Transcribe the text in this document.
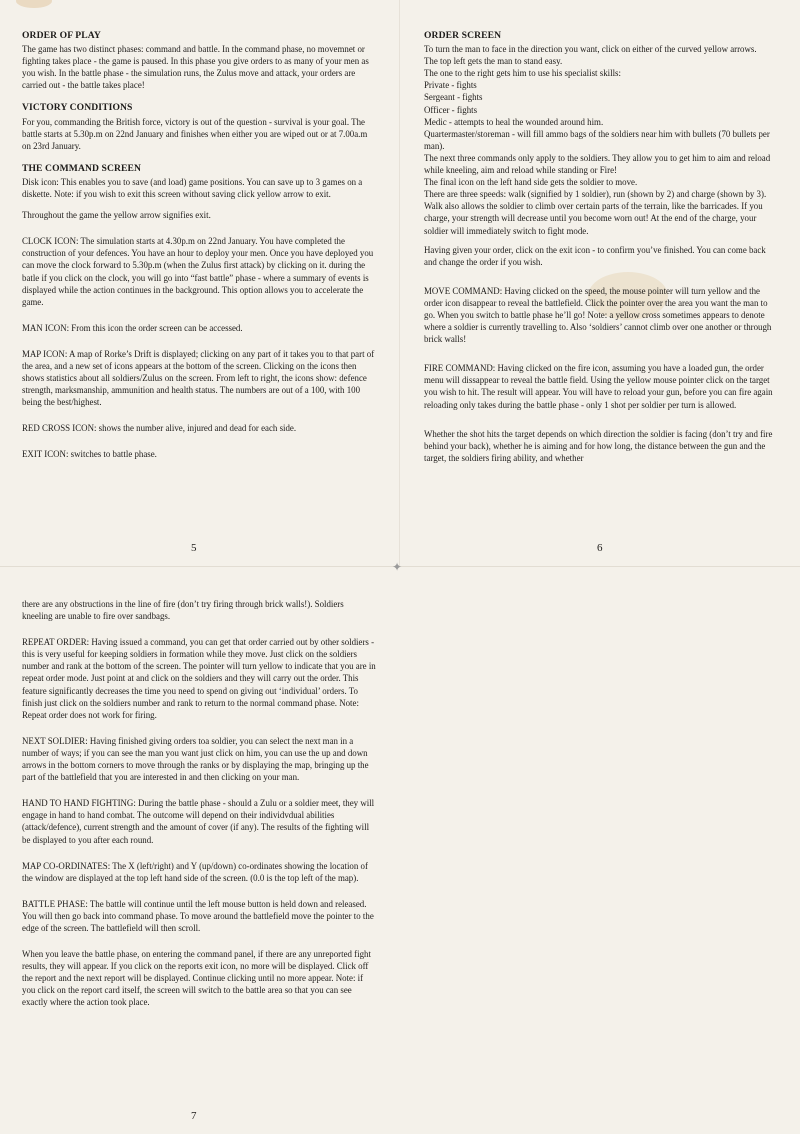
✦
ORDER OF PLAY

The game has two distinct phases: command and battle. In the command phase, no movemnet or fighting takes place - the game is paused. In this phase you give orders to as many of your men as you wish. In the battle phase - the simulation runs, the Zulus move and attack, your orders are carried out - the battle takes place!

VICTORY CONDITIONS

For you, commanding the British force, victory is out of the question - survival is your goal. The battle starts at 5.30p.m on 22nd January and finishes when either you are wiped out or at 7.00a.m on 23rd January.

THE COMMAND SCREEN

Disk icon: This enables you to save (and load) game positions. You can save up to 3 games on a diskette. Note: if you wish to exit this screen without saving click yellow arrow to exit.

Throughout the game the yellow arrow signifies exit.

CLOCK ICON: The simulation starts at 4.30p.m on 22nd January. You have completed the construction of your defences. You have an hour to deploy your men. Once you have deployed you can move the clock forward to 5.30p.m (when the Zulus first attack) by clicking on it. during the batle if you click on the clock, you will go into “fast battle” phase - where a summary of events is displayed while the action continues in the background. This option allows you to accelerate the game.

MAN ICON: From this icon the order screen can be accessed.

MAP ICON: A map of Rorke’s Drift is displayed; clicking on any part of it takes you to that part of the area, and a new set of icons appears at the bottom of the screen. Clicking on the icons then shows statistics about all soldiers/Zulus on the screen. From left to right, the icons show: defence strength, marksmanship, ammunition and health status. The numbers are out of a 100, with 100 being the best/highest.

RED CROSS ICON: shows the number alive, injured and dead for each side.

EXIT ICON: switches to battle phase.

5
ORDER SCREEN
To turn the man to face in the direction you want, click on either of the curved yellow arrows.
The top left gets the man to stand easy.
The one to the right gets him to use his specialist skills:
Private - fights
Sergeant - fights
Officer - fights
Medic - attempts to heal the wounded around him.
Quartermaster/storeman - will fill ammo bags of the soldiers near him with bullets (70 bullets per man).
The next three commands only apply to the soldiers. They allow you to get him to aim and reload while kneeling, aim and reload while standing or Fire!
The final icon on the left hand side gets the soldier to move.
There are three speeds: walk (signified by 1 soldier), run (shown by 2) and charge (shown by 3). Walk also allows the soldier to climb over certain parts of the terrain, like the barricades. If you charge, your strength will decrease until you become worn out! At the end of the charge, your soldier will immediately switch to fight mode.

Having given your order, click on the exit icon - to confirm you’ve finished. You can come back and change the order if you wish.

MOVE COMMAND: Having clicked on the speed, the mouse pointer will turn yellow and the order icon disappear to reveal the battlefield. Click the pointer over the area you want the man to go. When you switch to battle phase he’ll go! Note: a yellow cross sometimes appears to denote where a soldier is currently travelling to. Also ‘soldiers’ cannot climb over one another or through brick walls!

FIRE COMMAND: Having clicked on the fire icon, assuming you have a loaded gun, the order menu will dissappear to reveal the battle field. Using the yellow mouse pointer click on the target you wish to hit. The result will appear. You will have to reload your gun, before you can fire again reloading only takes during the battle phase - only 1 shot per soldier per turn is allowed.

Whether the shot hits the target depends on which direction the soldier is facing (don’t try and fire behind your back), whether he is aiming and for how long, the distance between the gun and the target, the soldiers firing ability, and whether

6

there are any obstructions in the line of fire (don’t try firing through brick walls!). Soldiers kneeling are unable to fire over sandbags.

REPEAT ORDER: Having issued a command, you can get that order carried out by other soldiers - this is very useful for keeping soldiers in formation while they move. Just click on the soldiers number and rank at the bottom of the screen. The pointer will turn yellow to indicate that you are in repeat order mode. Just point at and click on the soldiers and they will carry out the order. This feature significantly decreases the time you need to spend on giving out ‘individual’ orders. To finish just click on the soldiers number and rank to return to the normal command phase. Note: Repeat order does not work for firing.

NEXT SOLDIER: Having finished giving orders toa soldier, you can select the next man in a number of ways; if you can see the man you want just click on him, you can use the up and down arrows in the bottom corners to move through the ranks or by displaying the map, bringing up the part of the battlefield that you are interested in and then clicking on your man.

HAND TO HAND FIGHTING: During the battle phase - should a Zulu or a soldier meet, they will engage in hand to hand combat. The outcome will depend on their individvdual abilities (attack/defence), current strength and the amount of cover (if any). The results of the fighting will be displayed to you after each round.

MAP CO-ORDINATES: The X (left/right) and Y (up/down) co-ordinates showing the location of the window are displayed at the top left hand side of the screen. (0.0 is the top left of the map).

BATTLE PHASE: The battle will continue until the left mouse button is held down and released. You will then go back into command phase. To move around the battlefield move the pointer to the edge of the screen. The battlefield will then scroll.

When you leave the battle phase, on entering the command panel, if there are any unreported fight results, they will appear. If you click on the reports exit icon, no more will be displayed. Click off the report and the next report will be displayed. Continue clicking until no more appear. Note: if you click on the report card itself, the screen will switch to the battle area so that you can see exactly where the action took place.

7
